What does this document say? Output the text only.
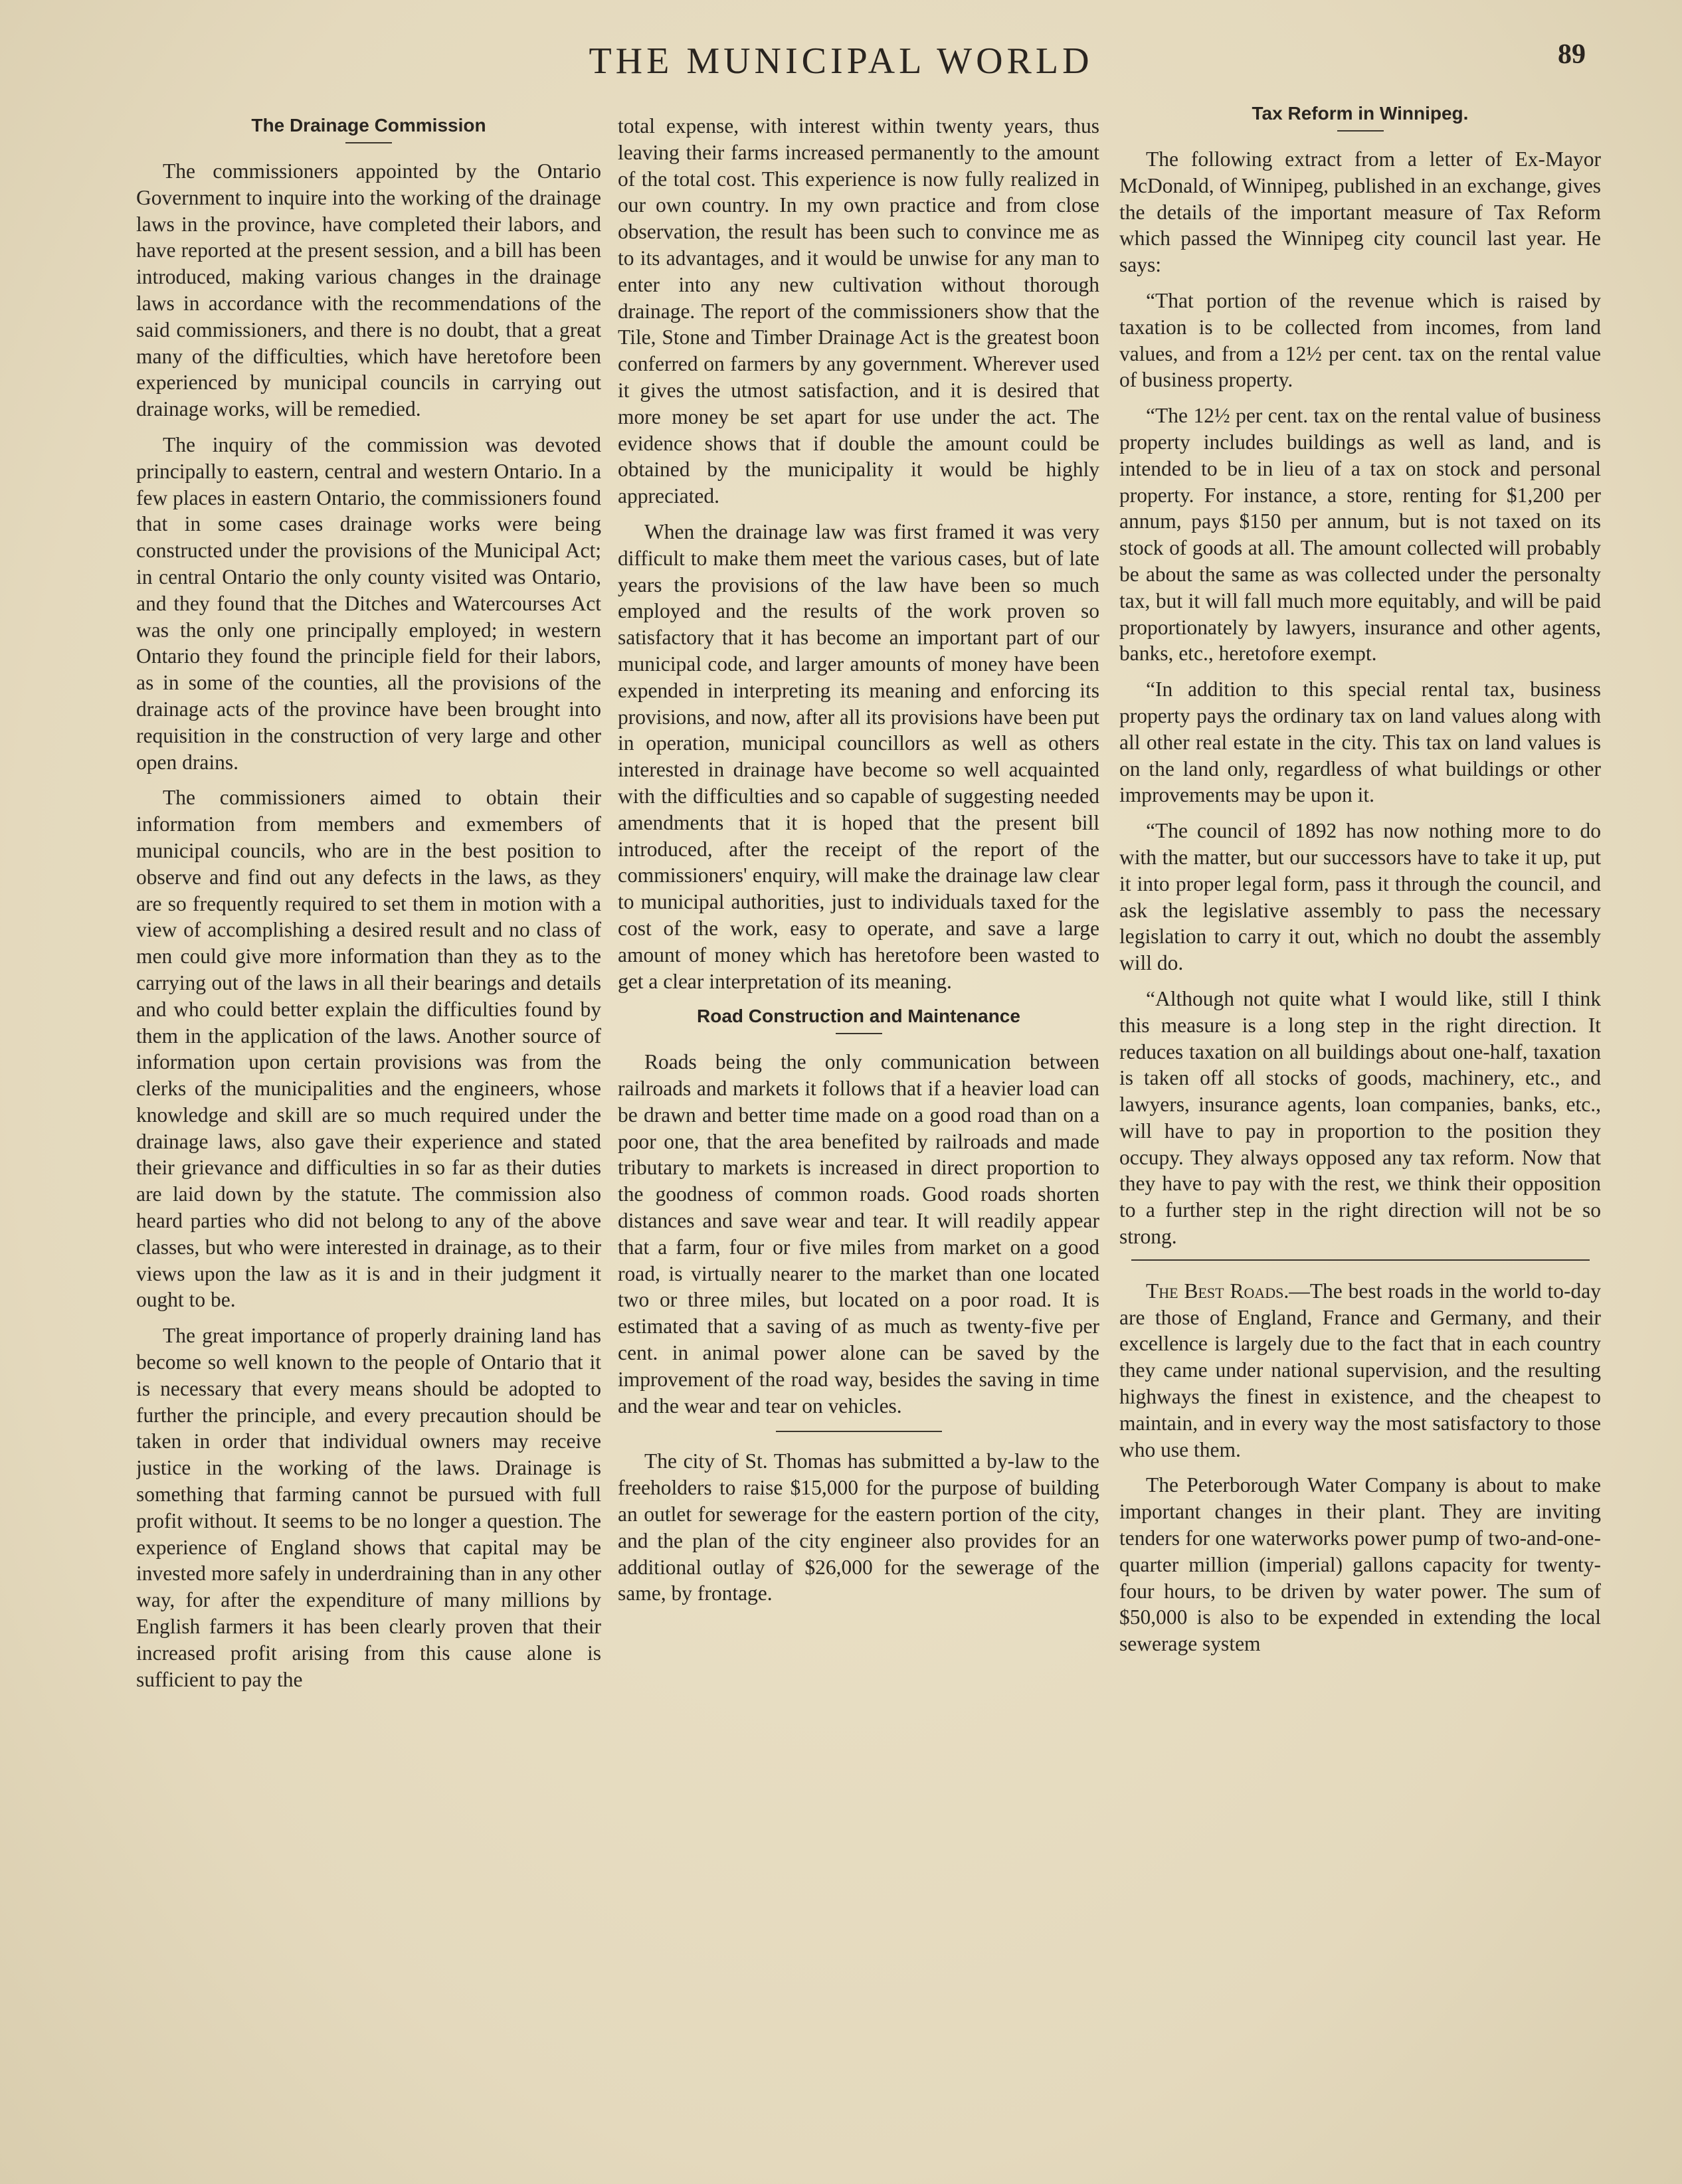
THE MUNICIPAL WORLD	89
The Drainage Commission

The commissioners appointed by the Ontario Government to inquire into the working of the drainage laws in the province, have completed their labors, and have reported at the present session, and a bill has been introduced, making various changes in the drainage laws in accordance with the recommendations of the said commissioners, and there is no doubt, that a great many of the difficulties, which have heretofore been experienced by municipal councils in carrying out drainage works, will be remedied.

The inquiry of the commission was devoted principally to eastern, central and western Ontario. In a few places in eastern Ontario, the commissioners found that in some cases drainage works were being constructed under the provisions of the Municipal Act; in central Ontario the only county visited was Ontario, and they found that the Ditches and Watercourses Act was the only one principally employed; in western Ontario they found the principle field for their labors, as in some of the counties, all the provisions of the drainage acts of the province have been brought into requisition in the construction of very large and other open drains.

The commissioners aimed to obtain their information from members and exmembers of municipal councils, who are in the best position to observe and find out any defects in the laws, as they are so frequently required to set them in motion with a view of accomplishing a desired result and no class of men could give more information than they as to the carrying out of the laws in all their bearings and details and who could better explain the difficulties found by them in the application of the laws. Another source of information upon certain provisions was from the clerks of the municipalities and the engineers, whose knowledge and skill are so much required under the drainage laws, also gave their experience and stated their grievance and difficulties in so far as their duties are laid down by the statute. The commission also heard parties who did not belong to any of the above classes, but who were interested in drainage, as to their views upon the law as it is and in their judgment it ought to be.

The great importance of properly draining land has become so well known to the people of Ontario that it is necessary that every means should be adopted to further the principle, and every precaution should be taken in order that individual owners may receive justice in the working of the laws. Drainage is something that farming cannot be pursued with full profit without. It seems to be no longer a question. The experience of England shows that capital may be invested more safely in underdraining than in any other way, for after the expenditure of many millions by English farmers it has been clearly proven that their increased profit arising from this cause alone is sufficient to pay the

total expense, with interest within twenty years, thus leaving their farms increased permanently to the amount of the total cost. This experience is now fully realized in our own country. In my own practice and from close observation, the result has been such to convince me as to its advantages, and it would be unwise for any man to enter into any new cultivation without thorough drainage. The report of the commissioners show that the Tile, Stone and Timber Drainage Act is the greatest boon conferred on farmers by any government. Wherever used it gives the utmost satisfaction, and it is desired that more money be set apart for use under the act. The evidence shows that if double the amount could be obtained by the municipality it would be highly appreciated.

When the drainage law was first framed it was very difficult to make them meet the various cases, but of late years the provisions of the law have been so much employed and the results of the work proven so satisfactory that it has become an important part of our municipal code, and larger amounts of money have been expended in interpreting its meaning and enforcing its provisions, and now, after all its provisions have been put in operation, municipal councillors as well as others interested in drainage have become so well acquainted with the difficulties and so capable of suggesting needed amendments that it is hoped that the present bill introduced, after the receipt of the report of the commissioners' enquiry, will make the drainage law clear to municipal authorities, just to individuals taxed for the cost of the work, easy to operate, and save a large amount of money which has heretofore been wasted to get a clear interpretation of its meaning.

Road Construction and Maintenance

Roads being the only communication between railroads and markets it follows that if a heavier load can be drawn and better time made on a good road than on a poor one, that the area benefited by railroads and made tributary to markets is increased in direct proportion to the goodness of common roads. Good roads shorten distances and save wear and tear. It will readily appear that a farm, four or five miles from market on a good road, is virtually nearer to the market than one located two or three miles, but located on a poor road. It is estimated that a saving of as much as twenty-five per cent. in animal power alone can be saved by the improvement of the road way, besides the saving in time and the wear and tear on vehicles.

The city of St. Thomas has submitted a by-law to the freeholders to raise $15,000 for the purpose of building an outlet for sewerage for the eastern portion of the city, and the plan of the city engineer also provides for an additional outlay of $26,000 for the sewerage of the same, by frontage.

Tax Reform in Winnipeg.

The following extract from a letter of Ex-Mayor McDonald, of Winnipeg, published in an exchange, gives the details of the important measure of Tax Reform which passed the Winnipeg city council last year. He says:

“That portion of the revenue which is raised by taxation is to be collected from incomes, from land values, and from a 12½ per cent. tax on the rental value of business property.

“The 12½ per cent. tax on the rental value of business property includes buildings as well as land, and is intended to be in lieu of a tax on stock and personal property. For instance, a store, renting for $1,200 per annum, pays $150 per annum, but is not taxed on its stock of goods at all. The amount collected will probably be about the same as was collected under the personalty tax, but it will fall much more equitably, and will be paid proportionately by lawyers, insurance and other agents, banks, etc., heretofore exempt.

“In addition to this special rental tax, business property pays the ordinary tax on land values along with all other real estate in the city. This tax on land values is on the land only, regardless of what buildings or other improvements may be upon it.

“The council of 1892 has now nothing more to do with the matter, but our successors have to take it up, put it into proper legal form, pass it through the council, and ask the legislative assembly to pass the necessary legislation to carry it out, which no doubt the assembly will do.

“Although not quite what I would like, still I think this measure is a long step in the right direction. It reduces taxation on all buildings about one-half, taxation is taken off all stocks of goods, machinery, etc., and lawyers, insurance agents, loan companies, banks, etc., will have to pay in proportion to the position they occupy. They always opposed any tax reform. Now that they have to pay with the rest, we think their opposition to a further step in the right direction will not be so strong.

The Best Roads.—The best roads in the world to-day are those of England, France and Germany, and their excellence is largely due to the fact that in each country they came under national supervision, and the resulting highways the finest in existence, and the cheapest to maintain, and in every way the most satisfactory to those who use them.

The Peterborough Water Company is about to make important changes in their plant. They are inviting tenders for one waterworks power pump of two-and-one-quarter million (imperial) gallons capacity for twenty-four hours, to be driven by water power. The sum of $50,000 is also to be expended in extending the local sewerage system
